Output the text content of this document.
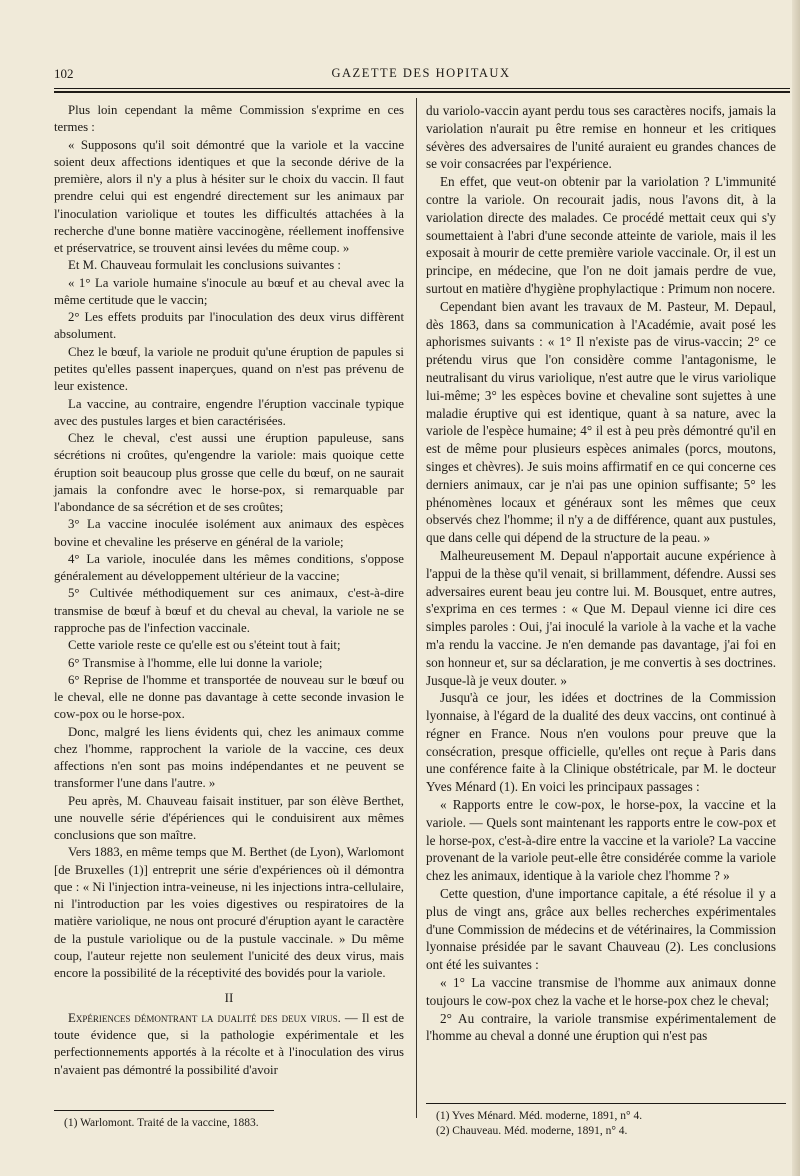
102	GAZETTE DES HOPITAUX

Plus loin cependant la même Commission s'exprime en ces termes :

« Supposons qu'il soit démontré que la variole et la vaccine soient deux affections identiques et que la seconde dérive de la première, alors il n'y a plus à hésiter sur le choix du vaccin. Il faut prendre celui qui est engendré directement sur les animaux par l'inoculation variolique et toutes les difficultés attachées à la recherche d'une bonne matière vaccinogène, réellement inoffensive et préservatrice, se trouvent ainsi levées du même coup. »

Et M. Chauveau formulait les conclusions suivantes :

« 1° La variole humaine s'inocule au bœuf et au cheval avec la même certitude que le vaccin;

2° Les effets produits par l'inoculation des deux virus diffèrent absolument.

Chez le bœuf, la variole ne produit qu'une éruption de papules si petites qu'elles passent inaperçues, quand on n'est pas prévenu de leur existence.

La vaccine, au contraire, engendre l'éruption vaccinale typique avec des pustules larges et bien caractérisées.

Chez le cheval, c'est aussi une éruption papuleuse, sans sécrétions ni croûtes, qu'engendre la variole: mais quoique cette éruption soit beaucoup plus grosse que celle du bœuf, on ne saurait jamais la confondre avec le horse-pox, si remarquable par l'abondance de sa sécrétion et de ses croûtes;

3° La vaccine inoculée isolément aux animaux des espèces bovine et chevaline les préserve en général de la variole;

4° La variole, inoculée dans les mêmes conditions, s'oppose généralement au développement ultérieur de la vaccine;

5° Cultivée méthodiquement sur ces animaux, c'est-à-dire transmise de bœuf à bœuf et du cheval au cheval, la variole ne se rapproche pas de l'infection vaccinale.

Cette variole reste ce qu'elle est ou s'éteint tout à fait;

6° Transmise à l'homme, elle lui donne la variole;

6° Reprise de l'homme et transportée de nouveau sur le bœuf ou le cheval, elle ne donne pas davantage à cette seconde invasion le cow-pox ou le horse-pox.

Donc, malgré les liens évidents qui, chez les animaux comme chez l'homme, rapprochent la variole de la vaccine, ces deux affections n'en sont pas moins indépendantes et ne peuvent se transformer l'une dans l'autre. »

Peu après, M. Chauveau faisait instituer, par son élève Berthet, une nouvelle série d'épériences qui le conduisirent aux mêmes conclusions que son maître.

Vers 1883, en même temps que M. Berthet (de Lyon), Warlomont [de Bruxelles (1)] entreprit une série d'expériences où il démontra que : « Ni l'injection intra-veineuse, ni les injections intra-cellulaire, ni l'introduction par les voies digestives ou respiratoires de la matière variolique, ne nous ont procuré d'éruption ayant le caractère de la pustule variolique ou de la pustule vaccinale. » Du même coup, l'auteur rejette non seulement l'unicité des deux virus, mais encore la possibilité de la réceptivité des bovidés pour la variole.

II

Expériences démontrant la dualité des deux virus. — Il est de toute évidence que, si la pathologie expérimentale et les perfectionnements apportés à la récolte et à l'inoculation des virus n'avaient pas démontré la possibilité d'avoir

du variolo-vaccin ayant perdu tous ses caractères nocifs, jamais la variolation n'aurait pu être remise en honneur et les critiques sévères des adversaires de l'unité auraient eu grandes chances de se voir consacrées par l'expérience.

En effet, que veut-on obtenir par la variolation ? L'immunité contre la variole. On recourait jadis, nous l'avons dit, à la variolation directe des malades. Ce procédé mettait ceux qui s'y soumettaient à l'abri d'une seconde atteinte de variole, mais il les exposait à mourir de cette première variole vaccinale. Or, il est un principe, en médecine, que l'on ne doit jamais perdre de vue, surtout en matière d'hygiène prophylactique : Primum non nocere.

Cependant bien avant les travaux de M. Pasteur, M. Depaul, dès 1863, dans sa communication à l'Académie, avait posé les aphorismes suivants : « 1° Il n'existe pas de virus-vaccin; 2° ce prétendu virus que l'on considère comme l'antagonisme, le neutralisant du virus variolique, n'est autre que le virus variolique lui-même; 3° les espèces bovine et chevaline sont sujettes à une maladie éruptive qui est identique, quant à sa nature, avec la variole de l'espèce humaine; 4° il est à peu près démontré qu'il en est de même pour plusieurs espèces animales (porcs, moutons, singes et chèvres). Je suis moins affirmatif en ce qui concerne ces derniers animaux, car je n'ai pas une opinion suffisante; 5° les phénomènes locaux et généraux sont les mêmes que ceux observés chez l'homme; il n'y a de différence, quant aux pustules, que dans celle qui dépend de la structure de la peau. »

Malheureusement M. Depaul n'apportait aucune expérience à l'appui de la thèse qu'il venait, si brillamment, défendre. Aussi ses adversaires eurent beau jeu contre lui. M. Bousquet, entre autres, s'exprima en ces termes : « Que M. Depaul vienne ici dire ces simples paroles : Oui, j'ai inoculé la variole à la vache et la vache m'a rendu la vaccine. Je n'en demande pas davantage, j'ai foi en son honneur et, sur sa déclaration, je me convertis à ses doctrines. Jusque-là je veux douter. »

Jusqu'à ce jour, les idées et doctrines de la Commission lyonnaise, à l'égard de la dualité des deux vaccins, ont continué à régner en France. Nous n'en voulons pour preuve que la consécration, presque officielle, qu'elles ont reçue à Paris dans une conférence faite à la Clinique obstétricale, par M. le docteur Yves Ménard (1). En voici les principaux passages :

« Rapports entre le cow-pox, le horse-pox, la vaccine et la variole. — Quels sont maintenant les rapports entre le cow-pox et le horse-pox, c'est-à-dire entre la vaccine et la variole? La vaccine provenant de la variole peut-elle être considérée comme la variole chez les animaux, identique à la variole chez l'homme ? »

Cette question, d'une importance capitale, a été résolue il y a plus de vingt ans, grâce aux belles recherches expérimentales d'une Commission de médecins et de vétérinaires, la Commission lyonnaise présidée par le savant Chauveau (2). Les conclusions ont été les suivantes :

« 1° La vaccine transmise de l'homme aux animaux donne toujours le cow-pox chez la vache et le horse-pox chez le cheval;

2° Au contraire, la variole transmise expérimentalement de l'homme au cheval a donné une éruption qui n'est pas

(1) Warlomont. Traité de la vaccine, 1883.

(1) Yves Ménard. Méd. moderne, 1891, n° 4.

(2) Chauveau. Méd. moderne, 1891, n° 4.
